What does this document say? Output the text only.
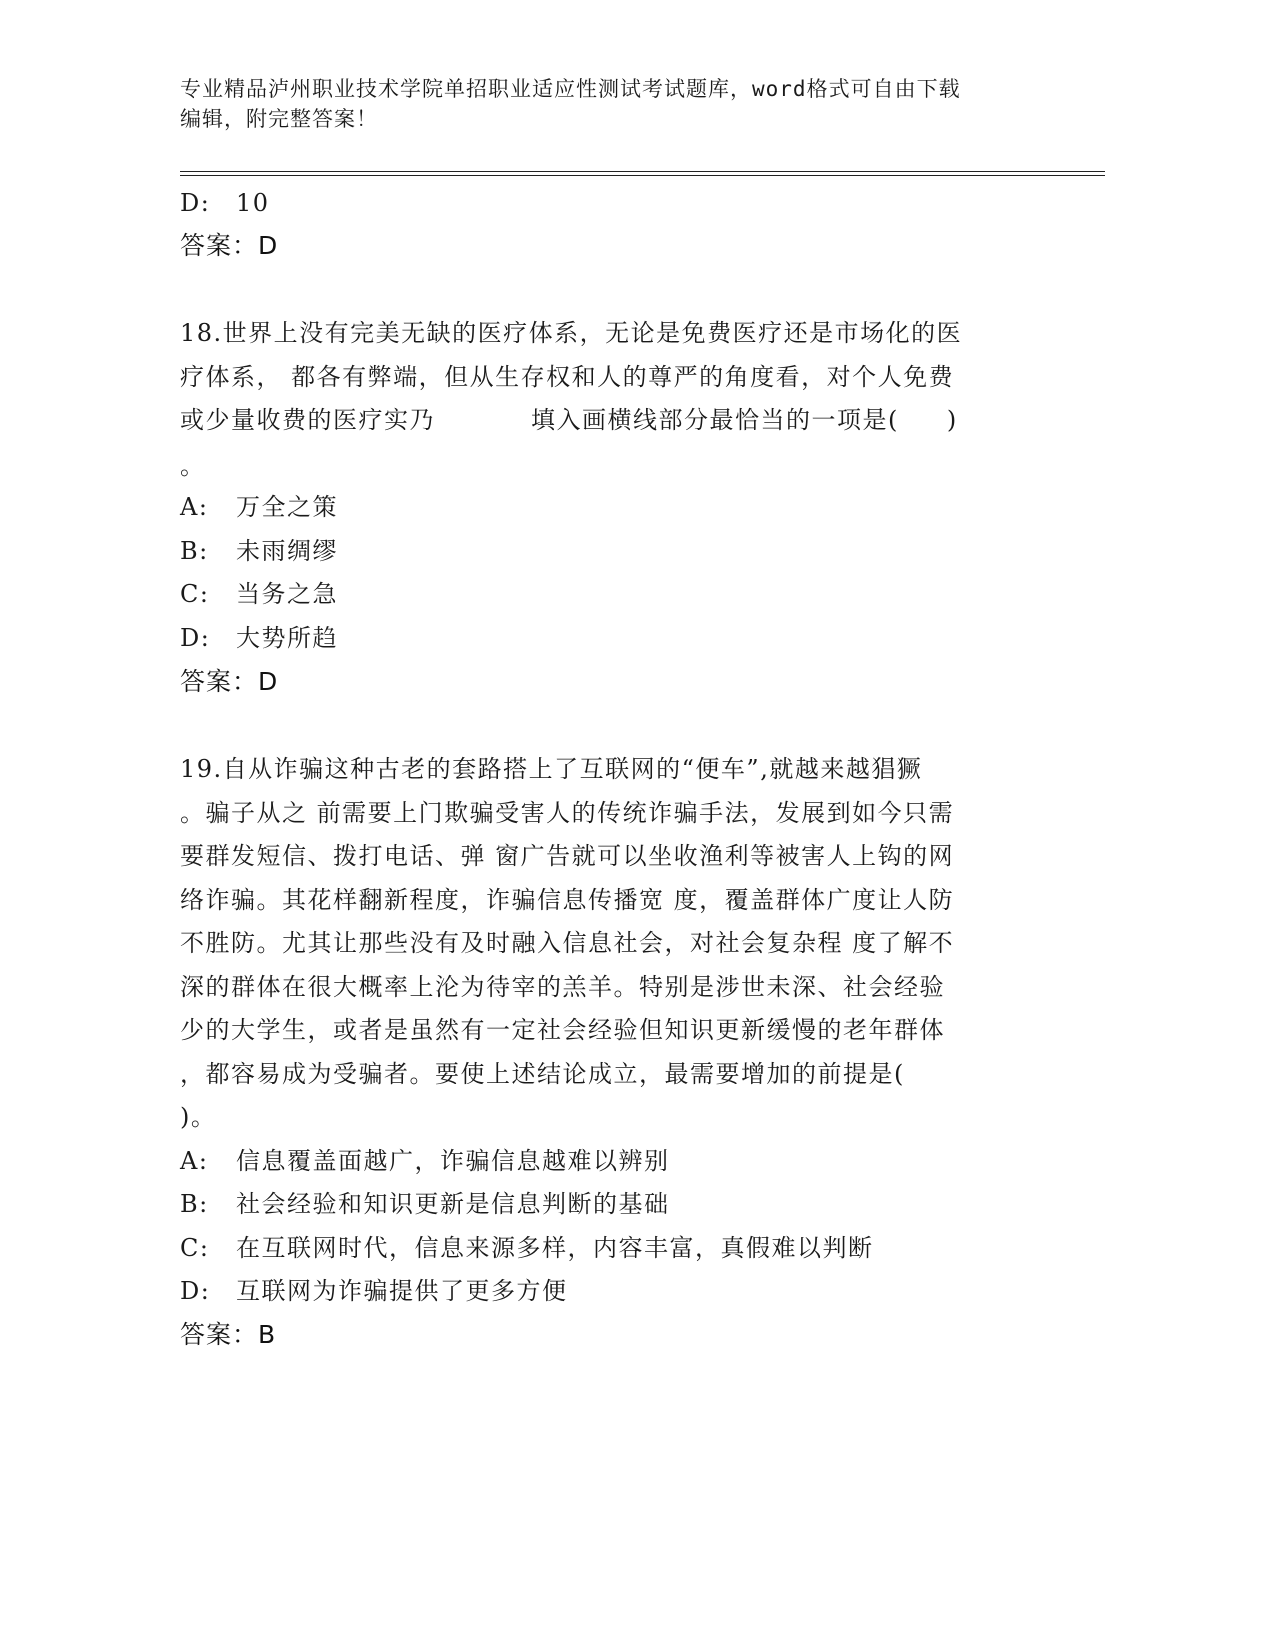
专业精品泸州职业技术学院单招职业适应性测试考试题库，word格式可自由下载
编辑，附完整答案！
D: 10
答案：D
18.世界上没有完美无缺的医疗体系，无论是免费医疗还是市场化的医
疗体系， 都各有弊端，但从生存权和人的尊严的角度看，对个人免费
或少量收费的医疗实乃	填入画横线部分最恰当的一项是( )
。
A: 万全之策
B: 未雨绸缪
C: 当务之急
D: 大势所趋
答案：D
19.自从诈骗这种古老的套路搭上了互联网的“便车”,就越来越猖獗
。骗子从之 前需要上门欺骗受害人的传统诈骗手法，发展到如今只需
要群发短信、拨打电话、弹 窗广告就可以坐收渔利等被害人上钩的网
络诈骗。其花样翻新程度，诈骗信息传播宽 度，覆盖群体广度让人防
不胜防。尤其让那些没有及时融入信息社会，对社会复杂程 度了解不
深的群体在很大概率上沦为待宰的羔羊。特别是涉世未深、社会经验
少的大学生，或者是虽然有一定社会经验但知识更新缓慢的老年群体
，都容易成为受骗者。要使上述结论成立，最需要增加的前提是(
)。
A: 信息覆盖面越广，诈骗信息越难以辨别
B: 社会经验和知识更新是信息判断的基础
C: 在互联网时代，信息来源多样，内容丰富，真假难以判断
D: 互联网为诈骗提供了更多方便
答案：B
